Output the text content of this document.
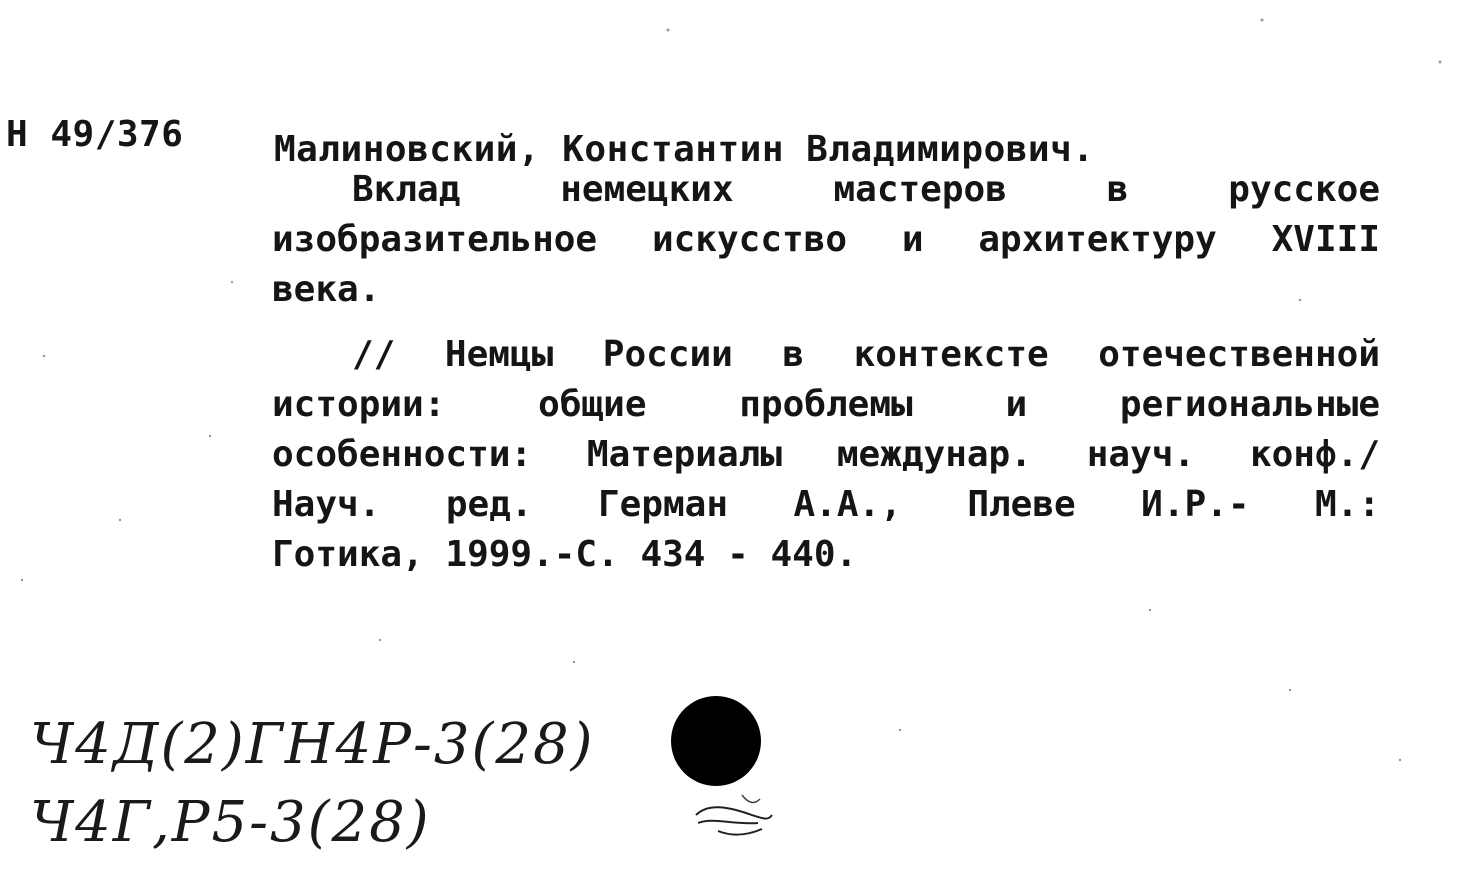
Н 49/376	Малиновский, Константин Владимирович.
Вклад немецких мастеров в русское
изобразительное искусство и архитектуру XVIII
века.
// Немцы России в контексте отечественной
истории: общие проблемы и региональные
особенности: Материалы междунар. науч. конф./
Науч. ред. Герман А.А., Плеве И.Р.- М.:
Готика, 1999.-С. 434 - 440.
Ч4Д(2)ГН4Р-3(28)
Ч4Г,Р5-3(28)
